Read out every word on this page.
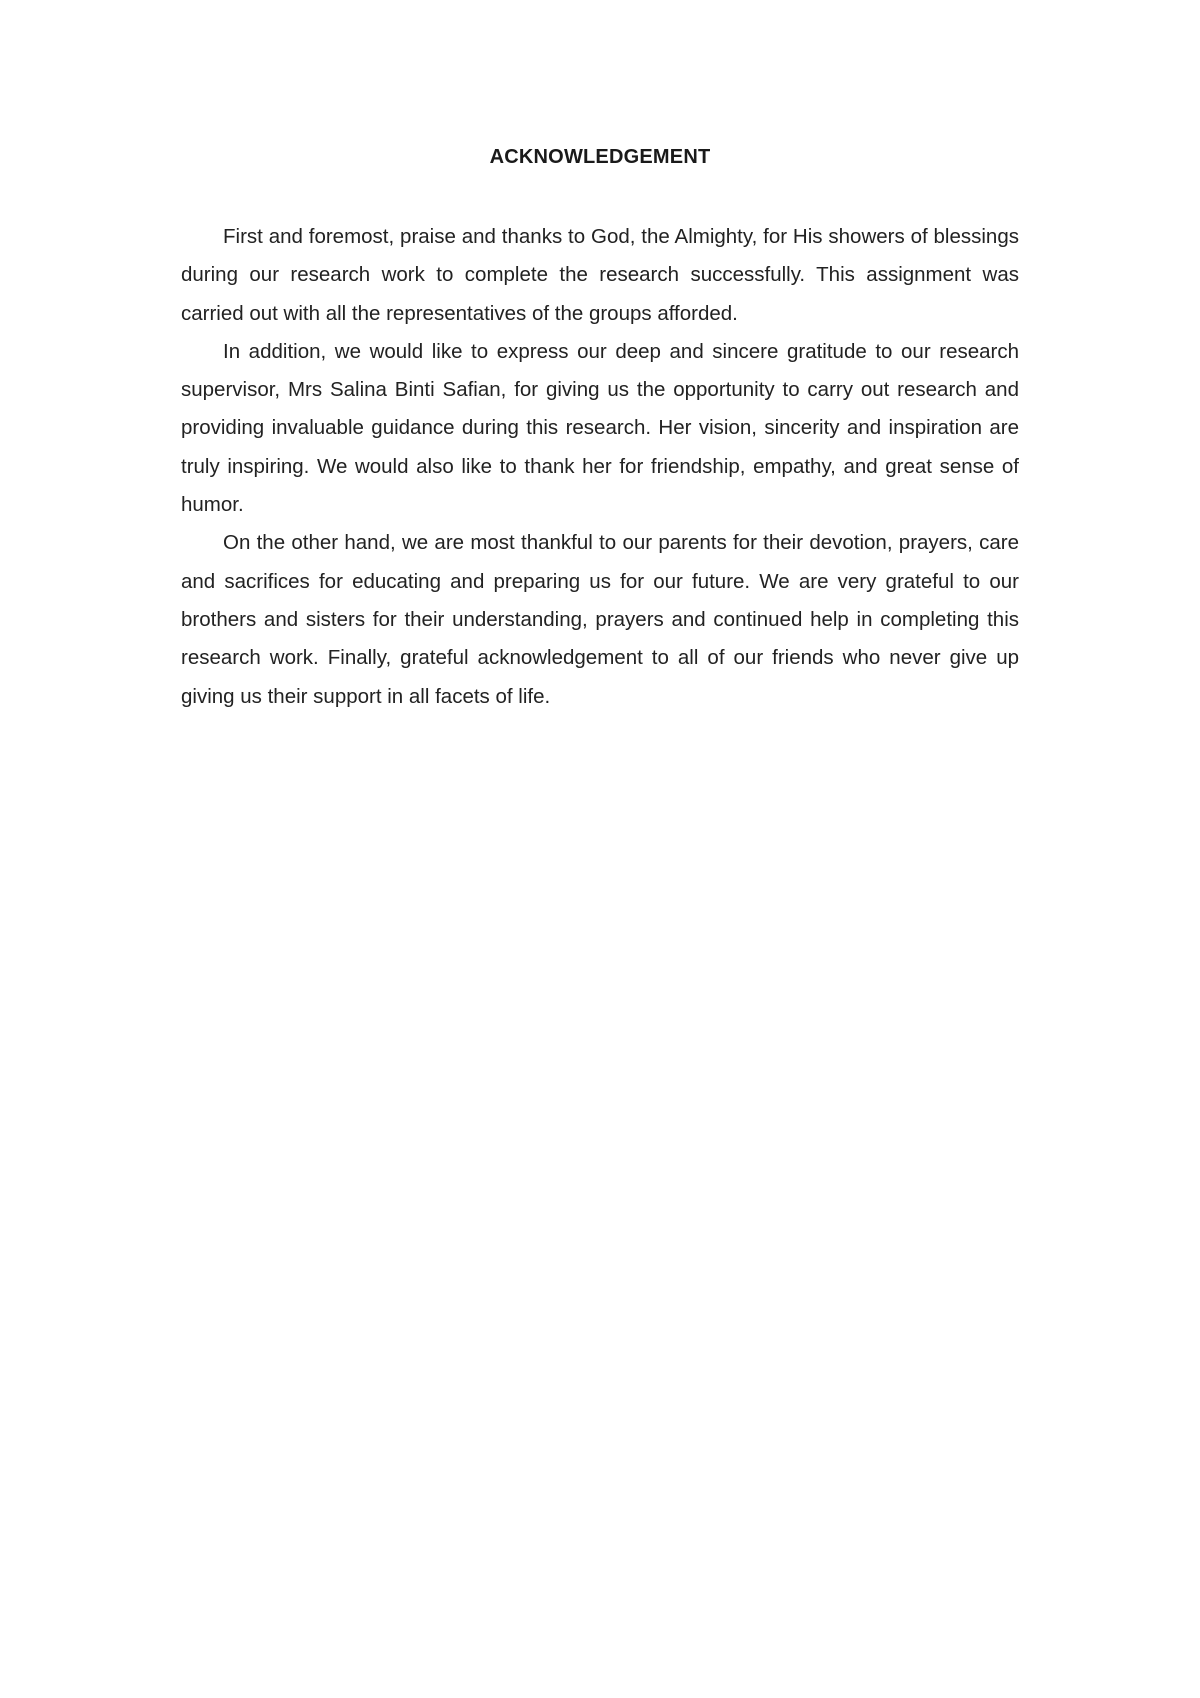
ACKNOWLEDGEMENT

First and foremost, praise and thanks to God, the Almighty, for His showers of blessings during our research work to complete the research successfully. This assignment was carried out with all the representatives of the groups afforded.

In addition, we would like to express our deep and sincere gratitude to our research supervisor, Mrs Salina Binti Safian, for giving us the opportunity to carry out research and providing invaluable guidance during this research. Her vision, sincerity and inspiration are truly inspiring. We would also like to thank her for friendship, empathy, and great sense of humor.

On the other hand, we are most thankful to our parents for their devotion, prayers, care and sacrifices for educating and preparing us for our future. We are very grateful to our brothers and sisters for their understanding, prayers and continued help in completing this research work. Finally, grateful acknowledgement to all of our friends who never give up giving us their support in all facets of life.
